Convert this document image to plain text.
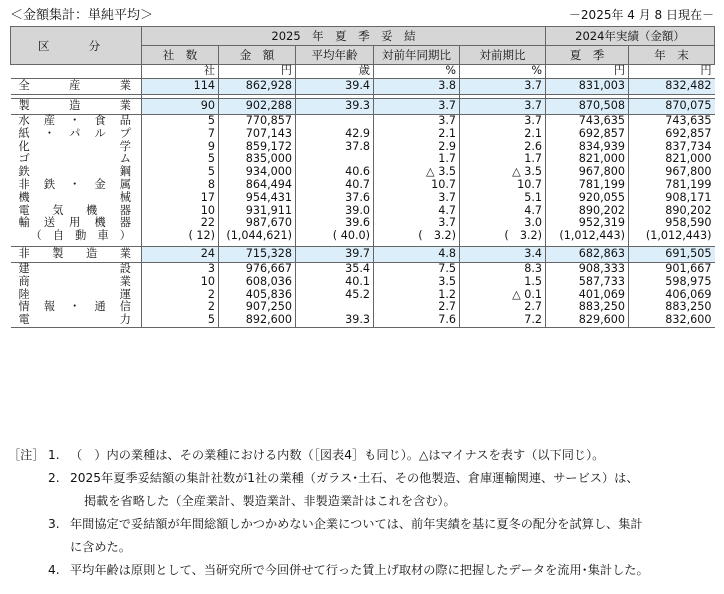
＜金額集計：単純平均＞	－2025年 4 月 8 日現在－
区　分	2025　年　夏　季　妥　結					2024年実績（金額）	
	社　数	金　額	平均年齢	対前年同期比	対前期比	夏　季	年　末
	社	円	歳	%	%	円	円
全　産　業	114	862,928	39.4	3.8	3.7	831,003	832,482

製　造　業	90	902,288	39.3	3.7	3.7	870,508	870,075
水産・食品	5	770,857		3.7	3.7	743,635	743,635
紙・パルプ	7	707,143	42.9	2.1	2.1	692,857	692,857
化学	9	859,172	37.8	2.9	2.6	834,939	837,734
ゴム	5	835,000		1.7	1.7	821,000	821,000
鉄鋼	5	934,000	40.6	△ 3.5	△ 3.5	967,800	967,800
非鉄・金属	8	864,494	40.7	10.7	10.7	781,199	781,199
機械	17	954,431	37.6	3.7	5.1	920,055	908,171
電気機器	10	931,911	39.0	4.7	4.7	890,202	890,202
輸送用機器	22	987,670	39.6	3.7	3.0	952,319	958,590
（自動車）	( 12)	(1,044,621)	( 40.0)	(　3.2)	(　3.2)	(1,012,443)	(1,012,443)

非　製　造　業	24	715,328	39.7	4.8	3.4	682,863	691,505
建設	3	976,667	35.4	7.5	8.3	908,333	901,667
商業	10	608,036	40.1	3.5	1.5	587,733	598,975
陸運	2	405,836	45.2	1.2	△ 0.1	401,069	406,069
情報・通信	2	907,250		2.7	2.7	883,250	883,250
電力	5	892,600	39.3	7.6	7.2	829,600	832,600
［注］ 1. （　）内の業種は、その業種における内数（［図表4］も同じ）。△はマイナスを表す（以下同じ）。
2. 2025年夏季妥結額の集計社数が1社の業種（ガラス･土石、その他製造、倉庫運輸関連、サービス）は、
掲載を省略した（全産業計、製造業計、非製造業計はこれを含む）。
3. 年間協定で妥結額が年間総額しかつかめない企業については、前年実績を基に夏冬の配分を試算し、集計
に含めた。
4. 平均年齢は原則として、当研究所で今回併せて行った賃上げ取材の際に把握したデータを流用･集計した。
